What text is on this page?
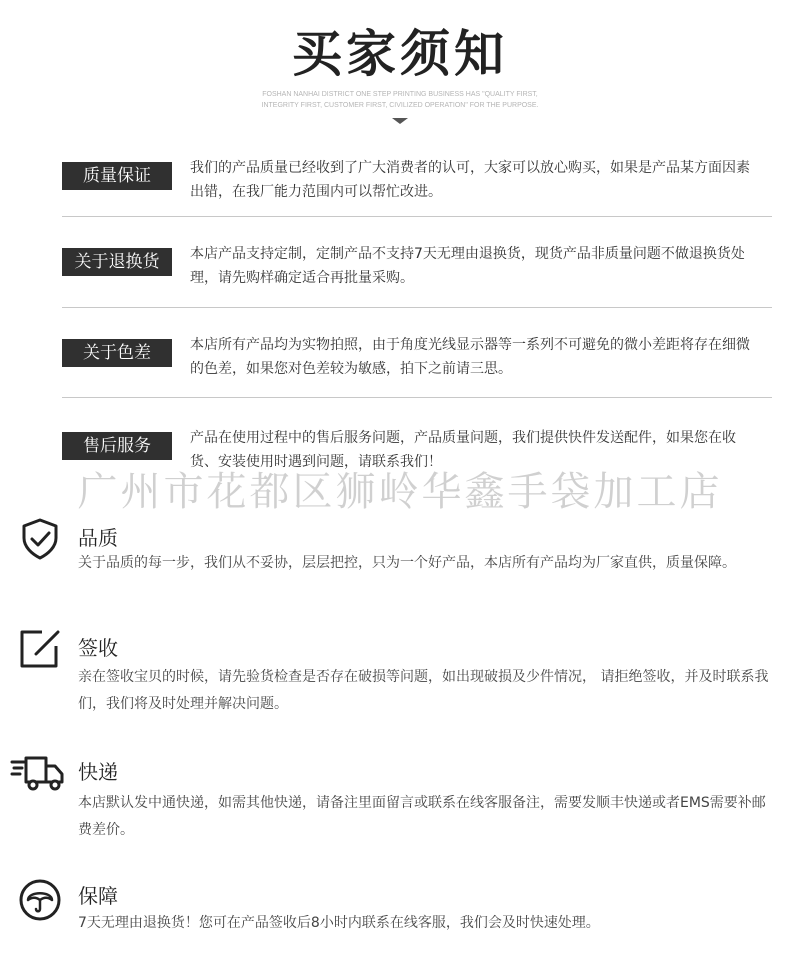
买家须知
FOSHAN NANHAI DISTRICT ONE STEP PRINTING BUSINESS HAS "QUALITY FIRST,
INTEGRITY FIRST, CUSTOMER FIRST, CIVILIZED OPERATION" FOR THE PURPOSE.
质量保证	我们的产品质量已经收到了广大消费者的认可，大家可以放心购买，如果是产品某方面因素出错，在我厂能力范围内可以帮忙改进。
关于退换货	本店产品支持定制，定制产品不支持7天无理由退换货，现货产品非质量问题不做退换货处理，请先购样确定适合再批量采购。
关于色差	本店所有产品均为实物拍照，由于角度光线显示器等一系列不可避免的微小差距将存在细微的色差，如果您对色差较为敏感，拍下之前请三思。
售后服务	产品在使用过程中的售后服务问题，产品质量问题，我们提供快件发送配件，如果您在收货、安装使用时遇到问题，请联系我们！
广州市花都区狮岭华鑫手袋加工店
品质
关于品质的每一步，我们从不妥协，层层把控，只为一个好产品，本店所有产品均为厂家直供，质量保障。
签收
亲在签收宝贝的时候，请先验货检查是否存在破损等问题，如出现破损及少件情况， 请拒绝签收，并及时联系我们，我们将及时处理并解决问题。
快递
本店默认发中通快递，如需其他快递，请备注里面留言或联系在线客服备注，需要发顺丰快递或者EMS需要补邮费差价。
保障
7天无理由退换货！您可在产品签收后8小时内联系在线客服，我们会及时快速处理。
